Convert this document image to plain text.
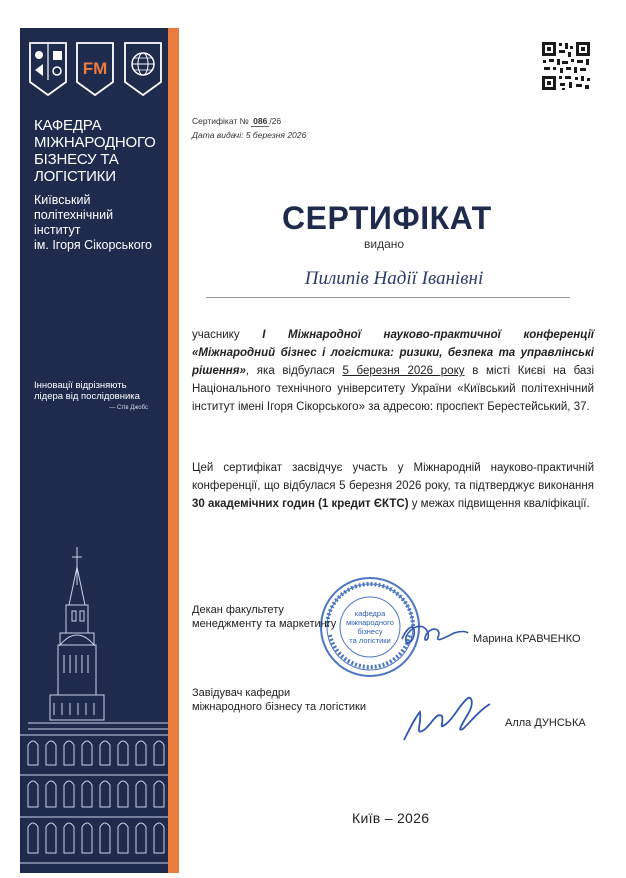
FM
КАФЕДРА
МІЖНАРОДНОГО
БІЗНЕСУ ТА
ЛОГІСТИКИ
Київський політехнічний
інститут
ім. Ігоря Сікорського
Інновації відрізняють
лідера від послідовника
— Стів Джобс
Сертифікат № 086 /26
Дата видачі: 5 березня 2026
СЕРТИФІКАТ
видано
Пилипів Надії Іванівні
учаснику І Міжнародної науково-практичної конференції «Міжнародний бізнес і логістика: ризики, безпека та управлінські рішення», яка відбулася 5 березня 2026 року в місті Києві на базі Національного технічного університету України «Київський політехнічний інститут імені Ігоря Сікорського» за адресою: проспект Берестейський, 37.
Цей сертифікат засвідчує участь у Міжнародній науково-практичній конференції, що відбулася 5 березня 2026 року, та підтверджує виконання 30 академічних годин (1 кредит ЄКТС) у межах підвищення кваліфікації.
кафедра
міжнародного
бізнесу
та логістики
Декан факультету
менеджменту та маркетингу
Марина КРАВЧЕНКО
Завідувач кафедри
міжнародного бізнесу та логістики
Алла ДУНСЬКА
Київ – 2026
